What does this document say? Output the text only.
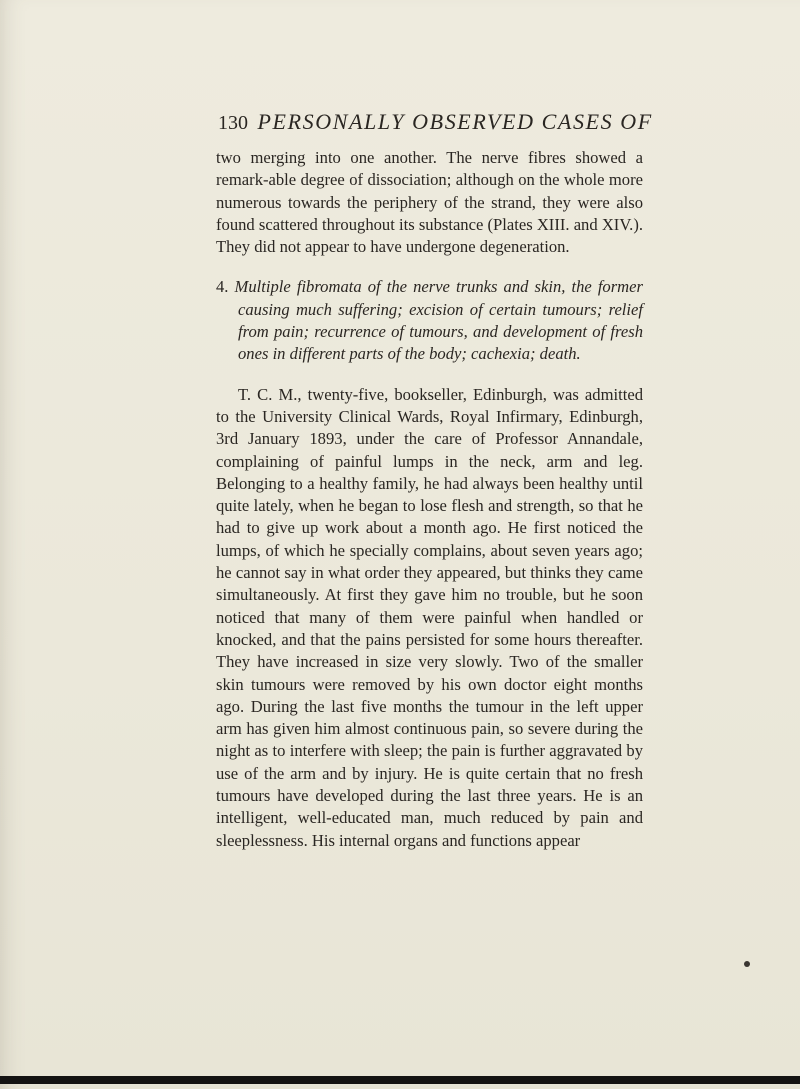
130 PERSONALLY OBSERVED CASES OF

two merging into one another. The nerve fibres showed a remark-able degree of dissociation; although on the whole more numerous towards the periphery of the strand, they were also found scattered throughout its substance (Plates XIII. and XIV.). They did not appear to have undergone degeneration.

4. Multiple fibromata of the nerve trunks and skin, the former causing much suffering; excision of certain tumours; relief from pain; recurrence of tumours, and development of fresh ones in different parts of the body; cachexia; death.

T. C. M., twenty-five, bookseller, Edinburgh, was admitted to the University Clinical Wards, Royal Infirmary, Edinburgh, 3rd January 1893, under the care of Professor Annandale, complaining of painful lumps in the neck, arm and leg. Belonging to a healthy family, he had always been healthy until quite lately, when he began to lose flesh and strength, so that he had to give up work about a month ago. He first noticed the lumps, of which he specially complains, about seven years ago; he cannot say in what order they appeared, but thinks they came simultaneously. At first they gave him no trouble, but he soon noticed that many of them were painful when handled or knocked, and that the pains persisted for some hours thereafter. They have increased in size very slowly. Two of the smaller skin tumours were removed by his own doctor eight months ago. During the last five months the tumour in the left upper arm has given him almost continuous pain, so severe during the night as to interfere with sleep; the pain is further aggravated by use of the arm and by injury. He is quite certain that no fresh tumours have developed during the last three years. He is an intelligent, well-educated man, much reduced by pain and sleeplessness. His internal organs and functions appear
